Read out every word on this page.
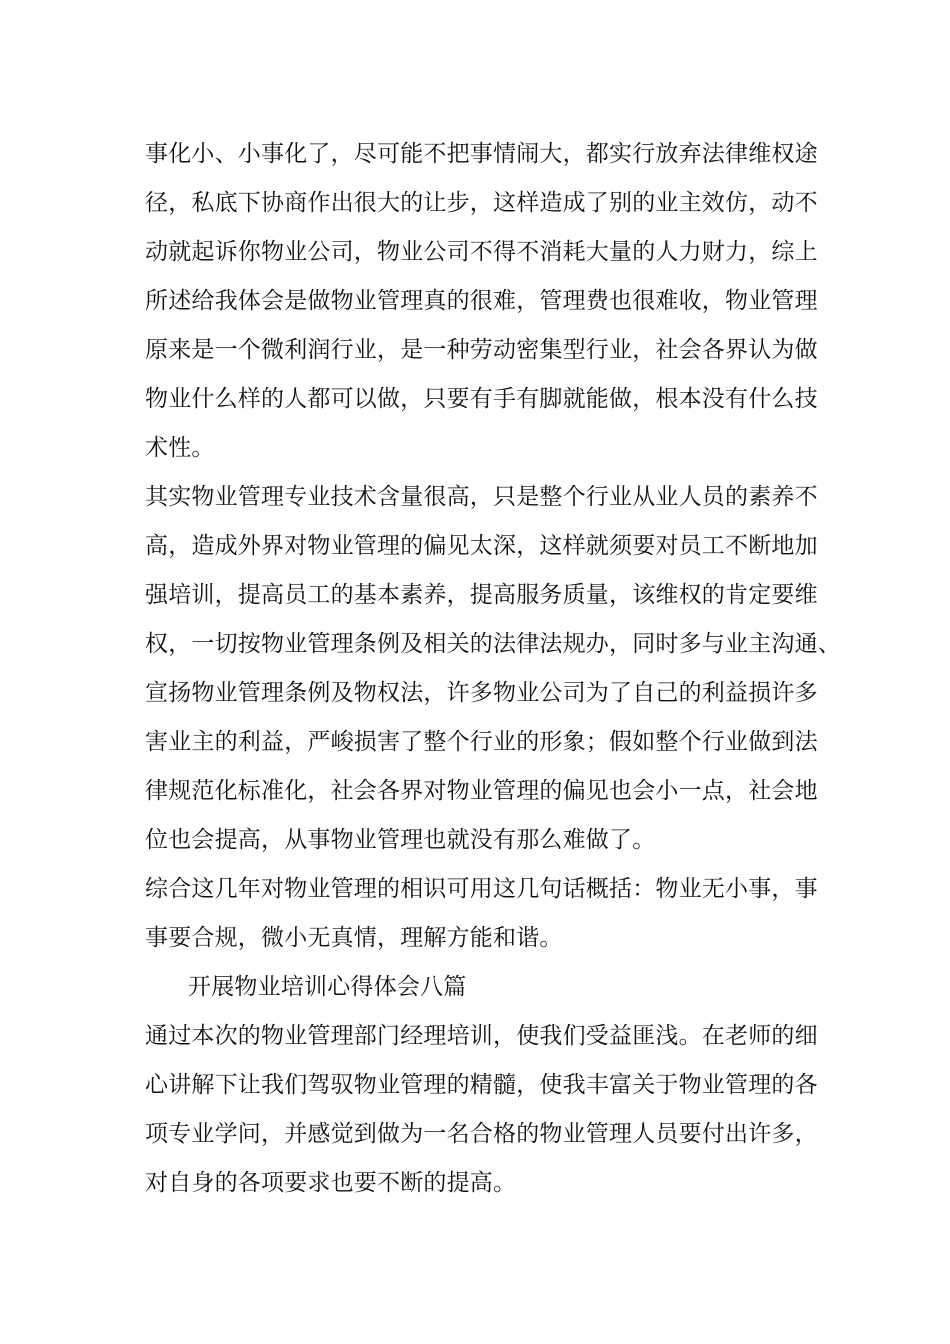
事化小、小事化了，尽可能不把事情闹大，都实行放弃法律维权途
径，私底下协商作出很大的让步，这样造成了别的业主效仿，动不
动就起诉你物业公司，物业公司不得不消耗大量的人力财力，综上
所述给我体会是做物业管理真的很难，管理费也很难收，物业管理
原来是一个微利润行业，是一种劳动密集型行业，社会各界认为做
物业什么样的人都可以做，只要有手有脚就能做，根本没有什么技
术性。
其实物业管理专业技术含量很高，只是整个行业从业人员的素养不
高，造成外界对物业管理的偏见太深，这样就须要对员工不断地加
强培训，提高员工的基本素养，提高服务质量，该维权的肯定要维
权，一切按物业管理条例及相关的法律法规办，同时多与业主沟通、
宣扬物业管理条例及物权法，许多物业公司为了自己的利益损许多
害业主的利益，严峻损害了整个行业的形象；假如整个行业做到法
律规范化标准化，社会各界对物业管理的偏见也会小一点，社会地
位也会提高，从事物业管理也就没有那么难做了。
综合这几年对物业管理的相识可用这几句话概括：物业无小事，事
事要合规，微小无真情，理解方能和谐。
开展物业培训心得体会八篇
通过本次的物业管理部门经理培训，使我们受益匪浅。在老师的细
心讲解下让我们驾驭物业管理的精髓，使我丰富关于物业管理的各
项专业学问，并感觉到做为一名合格的物业管理人员要付出许多，
对自身的各项要求也要不断的提高。
